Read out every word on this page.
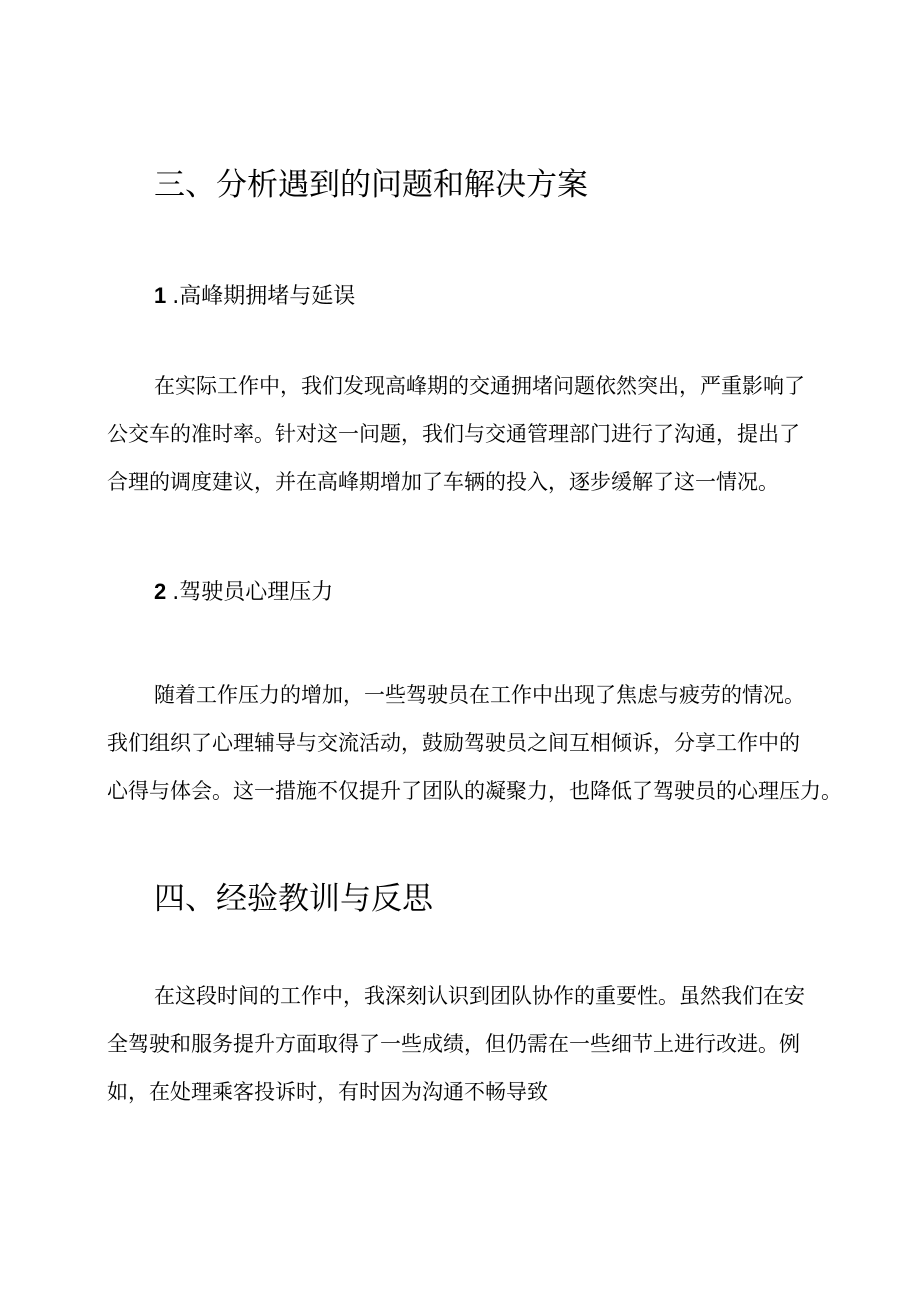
三、分析遇到的问题和解决方案
1 .高峰期拥堵与延误
在实际工作中，我们发现高峰期的交通拥堵问题依然突出，严重影响了
公交车的准时率。针对这一问题，我们与交通管理部门进行了沟通，提出了
合理的调度建议，并在高峰期增加了车辆的投入，逐步缓解了这一情况。
2 .驾驶员心理压力
随着工作压力的增加，一些驾驶员在工作中出现了焦虑与疲劳的情况。
我们组织了心理辅导与交流活动，鼓励驾驶员之间互相倾诉，分享工作中的
心得与体会。这一措施不仅提升了团队的凝聚力，也降低了驾驶员的心理压力。
四、经验教训与反思
在这段时间的工作中，我深刻认识到团队协作的重要性。虽然我们在安
全驾驶和服务提升方面取得了一些成绩，但仍需在一些细节上进行改进。例
如，在处理乘客投诉时，有时因为沟通不畅导致
